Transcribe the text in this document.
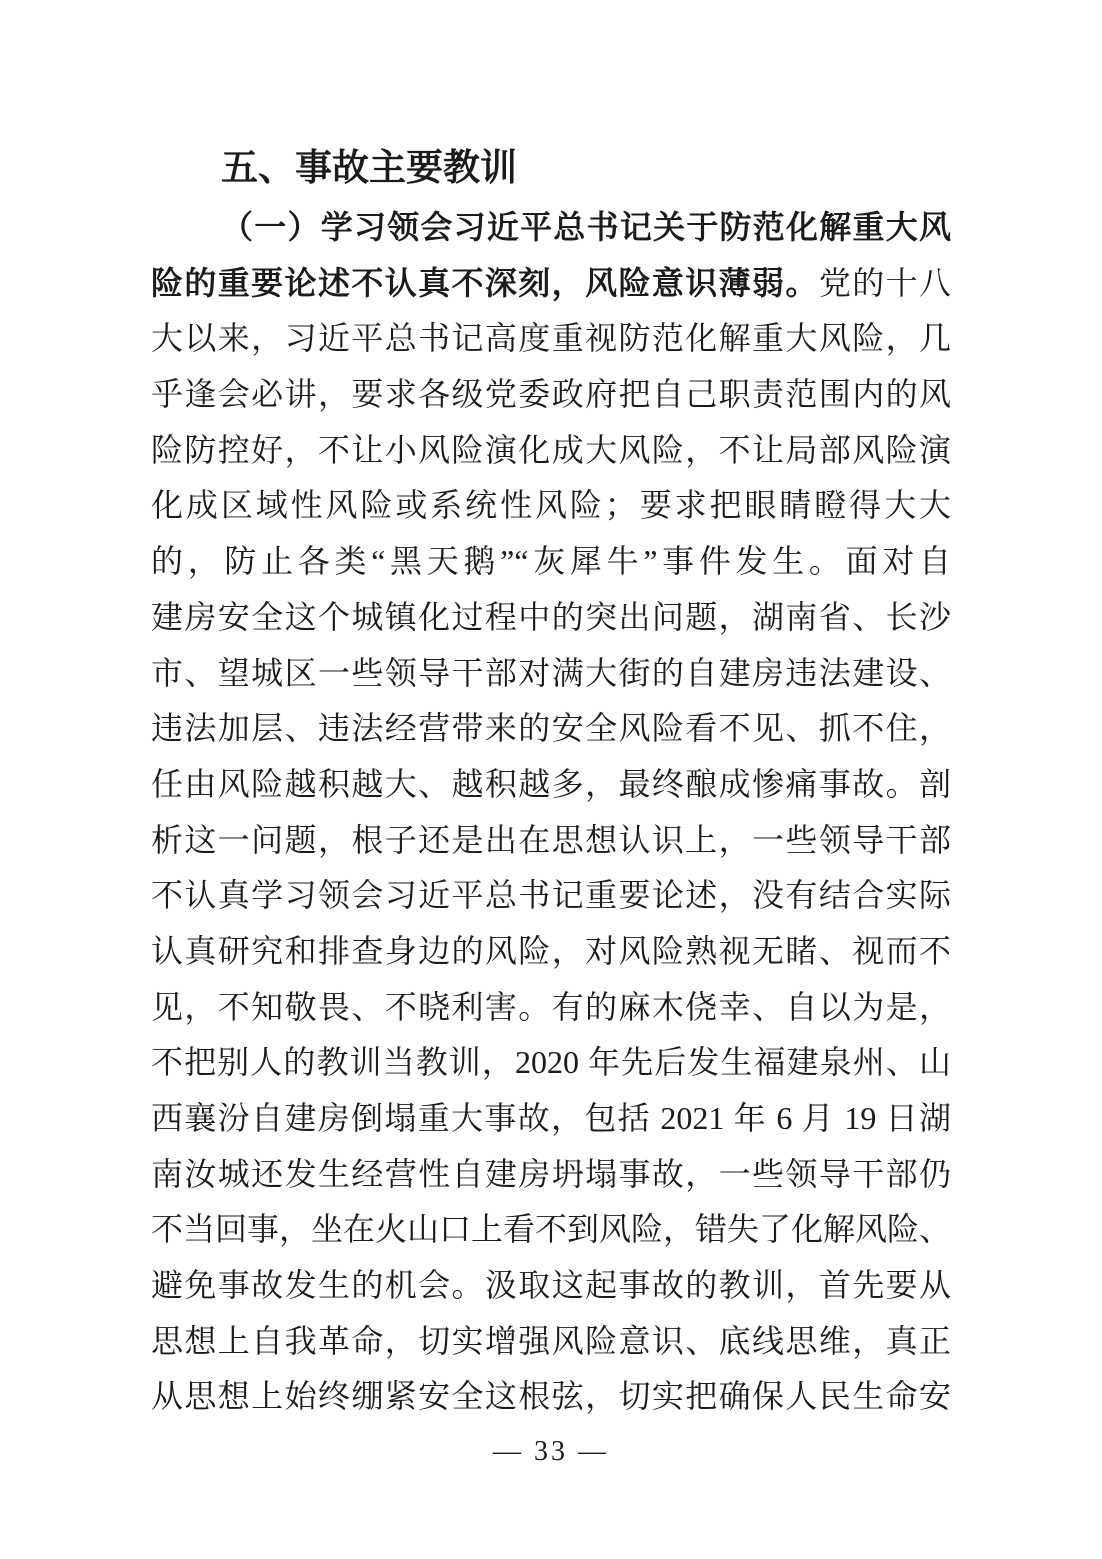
五、事故主要教训
（一）学习领会习近平总书记关于防范化解重大风
险的重要论述不认真不深刻，风险意识薄弱。党的十八
大以来，习近平总书记高度重视防范化解重大风险，几
乎逢会必讲，要求各级党委政府把自己职责范围内的风
险防控好，不让小风险演化成大风险，不让局部风险演
化成区域性风险或系统性风险；要求把眼睛瞪得大大
的，防止各类“黑天鹅”“灰犀牛”事件发生。面对自
建房安全这个城镇化过程中的突出问题，湖南省、长沙
市、望城区一些领导干部对满大街的自建房违法建设、
违法加层、违法经营带来的安全风险看不见、抓不住，
任由风险越积越大、越积越多，最终酿成惨痛事故。剖
析这一问题，根子还是出在思想认识上，一些领导干部
不认真学习领会习近平总书记重要论述，没有结合实际
认真研究和排查身边的风险，对风险熟视无睹、视而不
见，不知敬畏、不晓利害。有的麻木侥幸、自以为是，
不把别人的教训当教训，2020 年先后发生福建泉州、山
西襄汾自建房倒塌重大事故，包括 2021 年 6 月 19 日湖
南汝城还发生经营性自建房坍塌事故，一些领导干部仍
不当回事，坐在火山口上看不到风险，错失了化解风险、
避免事故发生的机会。汲取这起事故的教训，首先要从
思想上自我革命，切实增强风险意识、底线思维，真正
从思想上始终绷紧安全这根弦，切实把确保人民生命安
— 33 —
